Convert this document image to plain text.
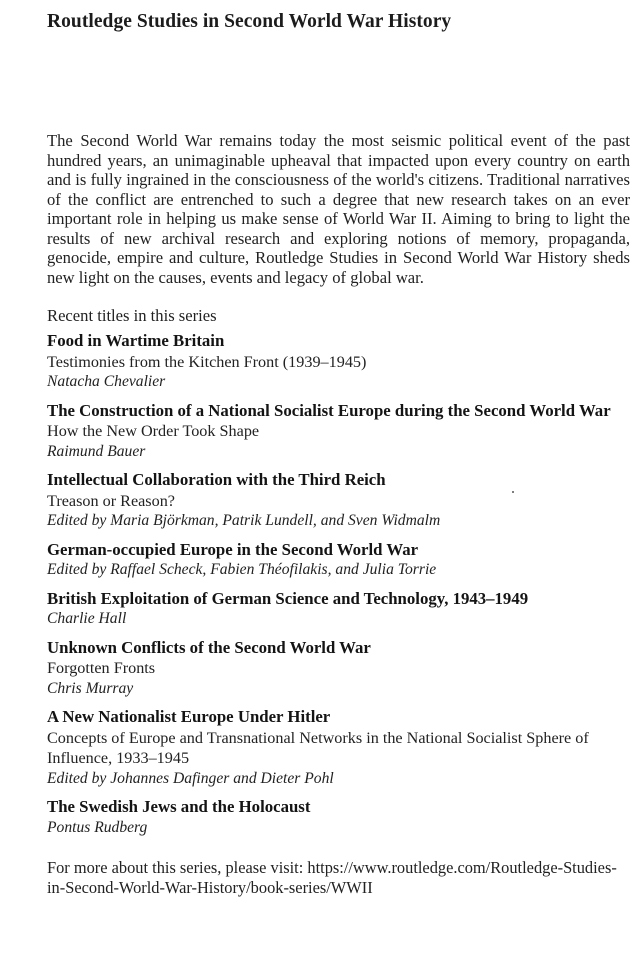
Routledge Studies in Second World War History

The Second World War remains today the most seismic political event of the past hundred years, an unimaginable upheaval that impacted upon every country on earth and is fully ingrained in the consciousness of the world's citizens. Traditional narratives of the conflict are entrenched to such a degree that new research takes on an ever important role in helping us make sense of World War II. Aiming to bring to light the results of new archival research and exploring notions of memory, propaganda, genocide, empire and culture, Routledge Studies in Second World War History sheds new light on the causes, events and legacy of global war.

Recent titles in this series

Food in Wartime Britain
Testimonies from the Kitchen Front (1939–1945)
Natacha Chevalier
The Construction of a National Socialist Europe during the Second World War
How the New Order Took Shape
Raimund Bauer
Intellectual Collaboration with the Third Reich
Treason or Reason?
Edited by Maria Björkman, Patrik Lundell, and Sven Widmalm
German-occupied Europe in the Second World War
Edited by Raffael Scheck, Fabien Théofilakis, and Julia Torrie
British Exploitation of German Science and Technology, 1943–1949
Charlie Hall
Unknown Conflicts of the Second World War
Forgotten Fronts
Chris Murray
A New Nationalist Europe Under Hitler
Concepts of Europe and Transnational Networks in the National Socialist Sphere of Influence, 1933–1945
Edited by Johannes Dafinger and Dieter Pohl
The Swedish Jews and the Holocaust
Pontus Rudberg

For more about this series, please visit: https://www.routledge.com/Routledge-Studies-in-Second-World-War-History/book-series/WWII
